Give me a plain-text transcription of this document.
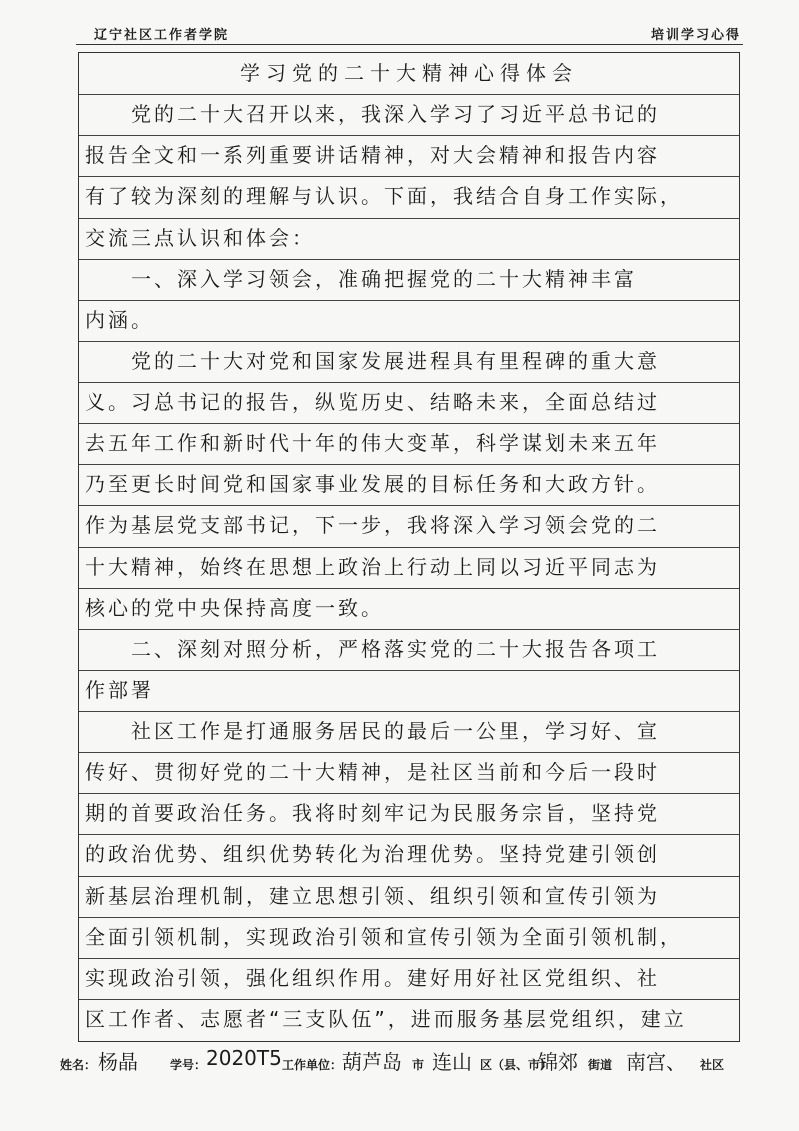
辽宁社区工作者学院	培训学习心得
学习党的二十大精神心得体会
　　党的二十大召开以来，我深入学习了习近平总书记的
报告全文和一系列重要讲话精神，对大会精神和报告内容
有了较为深刻的理解与认识。下面，我结合自身工作实际，
交流三点认识和体会：
　　一、深入学习领会，准确把握党的二十大精神丰富
内涵。
　　党的二十大对党和国家发展进程具有里程碑的重大意
义。习总书记的报告，纵览历史、结略未来，全面总结过
去五年工作和新时代十年的伟大变革，科学谋划未来五年
乃至更长时间党和国家事业发展的目标任务和大政方针。
作为基层党支部书记，下一步，我将深入学习领会党的二
十大精神，始终在思想上政治上行动上同以习近平同志为
核心的党中央保持高度一致。
　　二、深刻对照分析，严格落实党的二十大报告各项工
作部署
　　社区工作是打通服务居民的最后一公里，学习好、宣
传好、贯彻好党的二十大精神，是社区当前和今后一段时
期的首要政治任务。我将时刻牢记为民服务宗旨，坚持党
的政治优势、组织优势转化为治理优势。坚持党建引领创
新基层治理机制，建立思想引领、组织引领和宣传引领为
全面引领机制，实现政治引领和宣传引领为全面引领机制，
实现政治引领，强化组织作用。建好用好社区党组织、社
区工作者、志愿者“三支队伍”，进而服务基层党组织，建立
姓名： 杨晶	学号： 2020T5 工作单位： 葫芦岛 市 连山 区（县、市）
锦郊 街道 南宫、 社区
